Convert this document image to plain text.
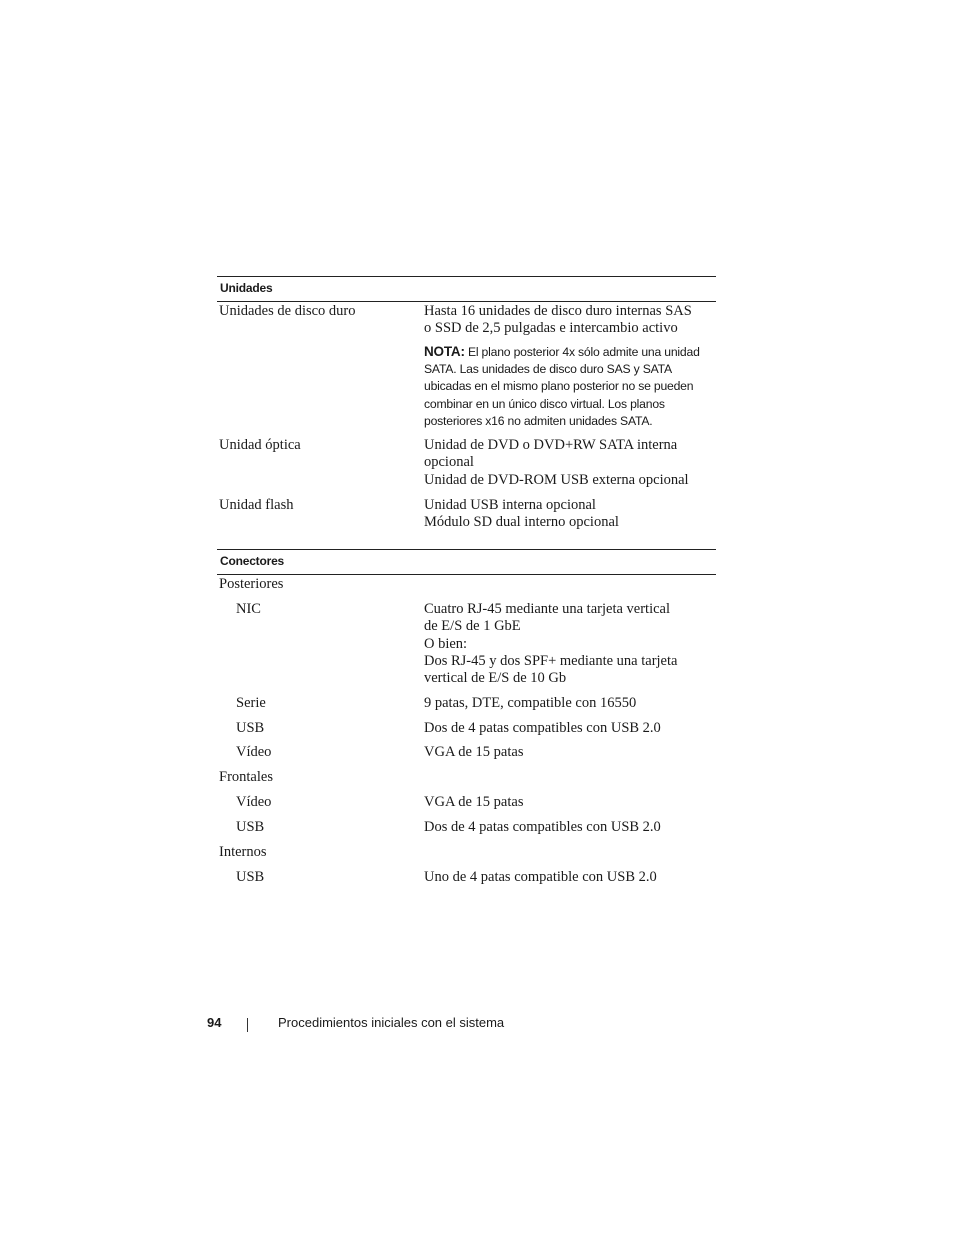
Unidades
Unidades de disco duro	Hasta 16 unidades de disco duro internas SAS
o SSD de 2,5 pulgadas e intercambio activo
NOTA: El plano posterior 4x sólo admite una unidad SATA. Las unidades de disco duro SAS y SATA ubicadas en el mismo plano posterior no se pueden combinar en un único disco virtual. Los planos posteriores x16 no admiten unidades SATA.
Unidad óptica	Unidad de DVD o DVD+RW SATA interna
opcional
Unidad de DVD-ROM USB externa opcional
Unidad flash	Unidad USB interna opcional
Módulo SD dual interno opcional
Conectores
Posteriores
NIC	Cuatro RJ-45 mediante una tarjeta vertical
de E/S de 1 GbE
O bien:
Dos RJ-45 y dos SPF+ mediante una tarjeta
vertical de E/S de 10 Gb
Serie	9 patas, DTE, compatible con 16550
USB	Dos de 4 patas compatibles con USB 2.0
Vídeo	VGA de 15 patas
Frontales
Vídeo	VGA de 15 patas
USB	Dos de 4 patas compatibles con USB 2.0
Internos
USB	Uno de 4 patas compatible con USB 2.0
94	Procedimientos iniciales con el sistema
